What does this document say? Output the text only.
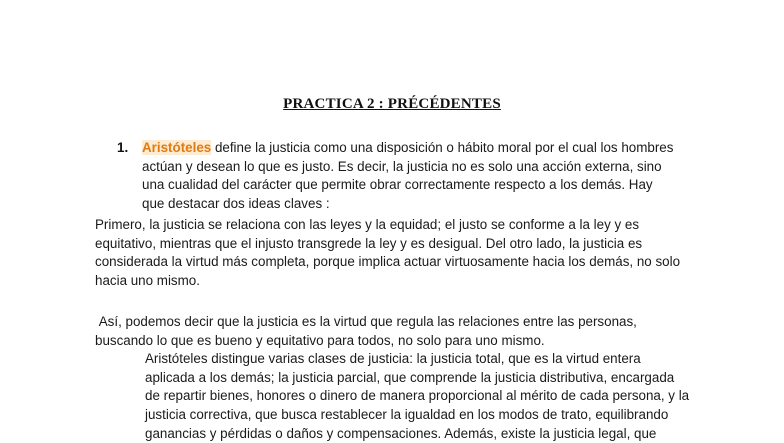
PRACTICA 2 : PRÉCÉDENTES
1. Aristóteles define la justicia como una disposición o hábito moral por el cual los hombres actúan y desean lo que es justo. Es decir, la justicia no es solo una acción externa, sino una cualidad del carácter que permite obrar correctamente respecto a los demás. Hay que destacar dos ideas claves :

Primero, la justicia se relaciona con las leyes y la equidad; el justo se conforme a la ley y es equitativo, mientras que el injusto transgrede la ley y es desigual. Del otro lado, la justicia es considerada la virtud más completa, porque implica actuar virtuosamente hacia los demás, no solo hacia uno mismo.

Así, podemos decir que la justicia es la virtud que regula las relaciones entre las personas, buscando lo que es bueno y equitativo para todos, no solo para uno mismo.
Aristóteles distingue varias clases de justicia: la justicia total, que es la virtud entera aplicada a los demás; la justicia parcial, que comprende la justicia distributiva, encargada de repartir bienes, honores o dinero de manera proporcional al mérito de cada persona, y la justicia correctiva, que busca restablecer la igualdad en los modos de trato, equilibrando ganancias y pérdidas o daños y compensaciones. Además, existe la justicia legal, que
